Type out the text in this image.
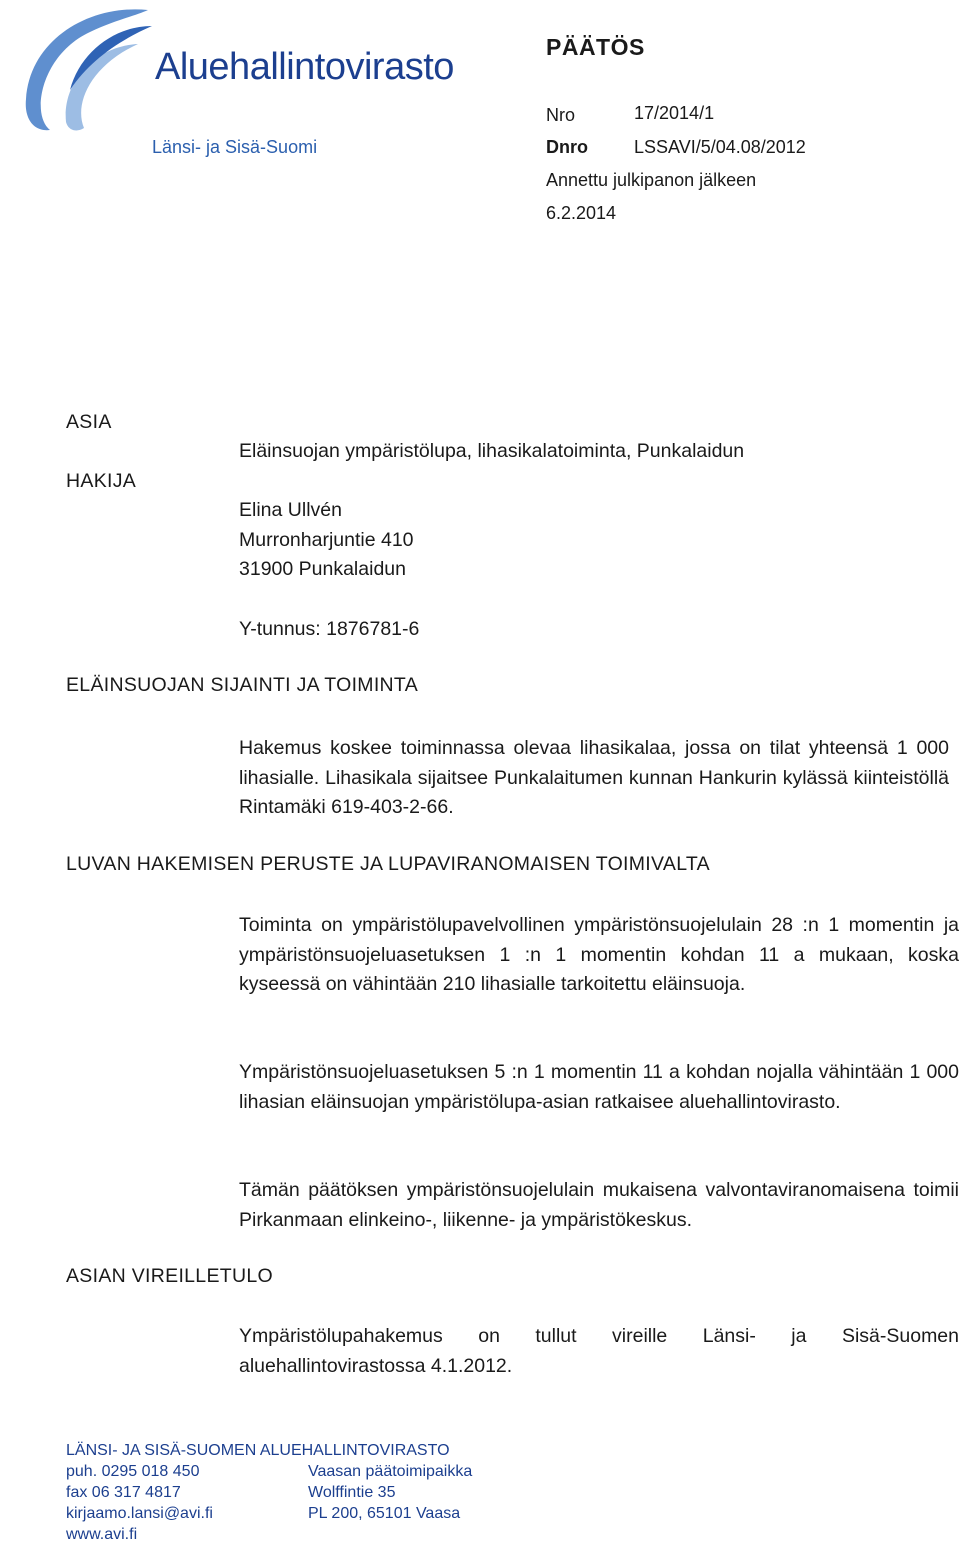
Aluehallintovirasto
Länsi- ja Sisä-Suomi
PÄÄTÖS
Nro	17/2014/1
Dnro	LSSAVI/5/04.08/2012
Annettu julkipanon jälkeen
6.2.2014
ASIA
HAKIJA
Eläinsuojan ympäristölupa, lihasikalatoiminta, Punkalaidun
Elina Ullvén
Murronharjuntie 410
31900 Punkalaidun
Y-tunnus: 1876781-6
ELÄINSUOJAN SIJAINTI JA TOIMINTA
Hakemus koskee toiminnassa olevaa lihasikalaa, jossa on tilat yhteensä 1 000 lihasialle. Lihasikala sijaitsee Punkalaitumen kunnan Hankurin kylässä kiinteistöllä Rintamäki 619-403-2-66.
LUVAN HAKEMISEN PERUSTE JA LUPAVIRANOMAISEN TOIMIVALTA
Toiminta on ympäristölupavelvollinen ympäristönsuojelulain 28 :n 1 momentin ja ympäristönsuojeluasetuksen 1 :n 1 momentin kohdan 11 a mukaan, koska kyseessä on vähintään 210 lihasialle tarkoitettu eläinsuoja.
Ympäristönsuojeluasetuksen 5 :n 1 momentin 11 a kohdan nojalla vähintään 1 000 lihasian eläinsuojan ympäristölupa-asian ratkaisee aluehallintovirasto.
Tämän päätöksen ympäristönsuojelulain mukaisena valvontaviranomaisena toimii Pirkanmaan elinkeino-, liikenne- ja ympäristökeskus.
ASIAN VIREILLETULO
Ympäristölupahakemus on tullut vireille Länsi- ja Sisä-Suomen aluehallintovirastossa 4.1.2012.
LÄNSI- JA SISÄ-SUOMEN ALUEHALLINTOVIRASTO
puh. 0295 018 450
fax 06 317 4817
kirjaamo.lansi@avi.fi
www.avi.fi
Vaasan päätoimipaikka
Wolffintie 35
PL 200, 65101 Vaasa
